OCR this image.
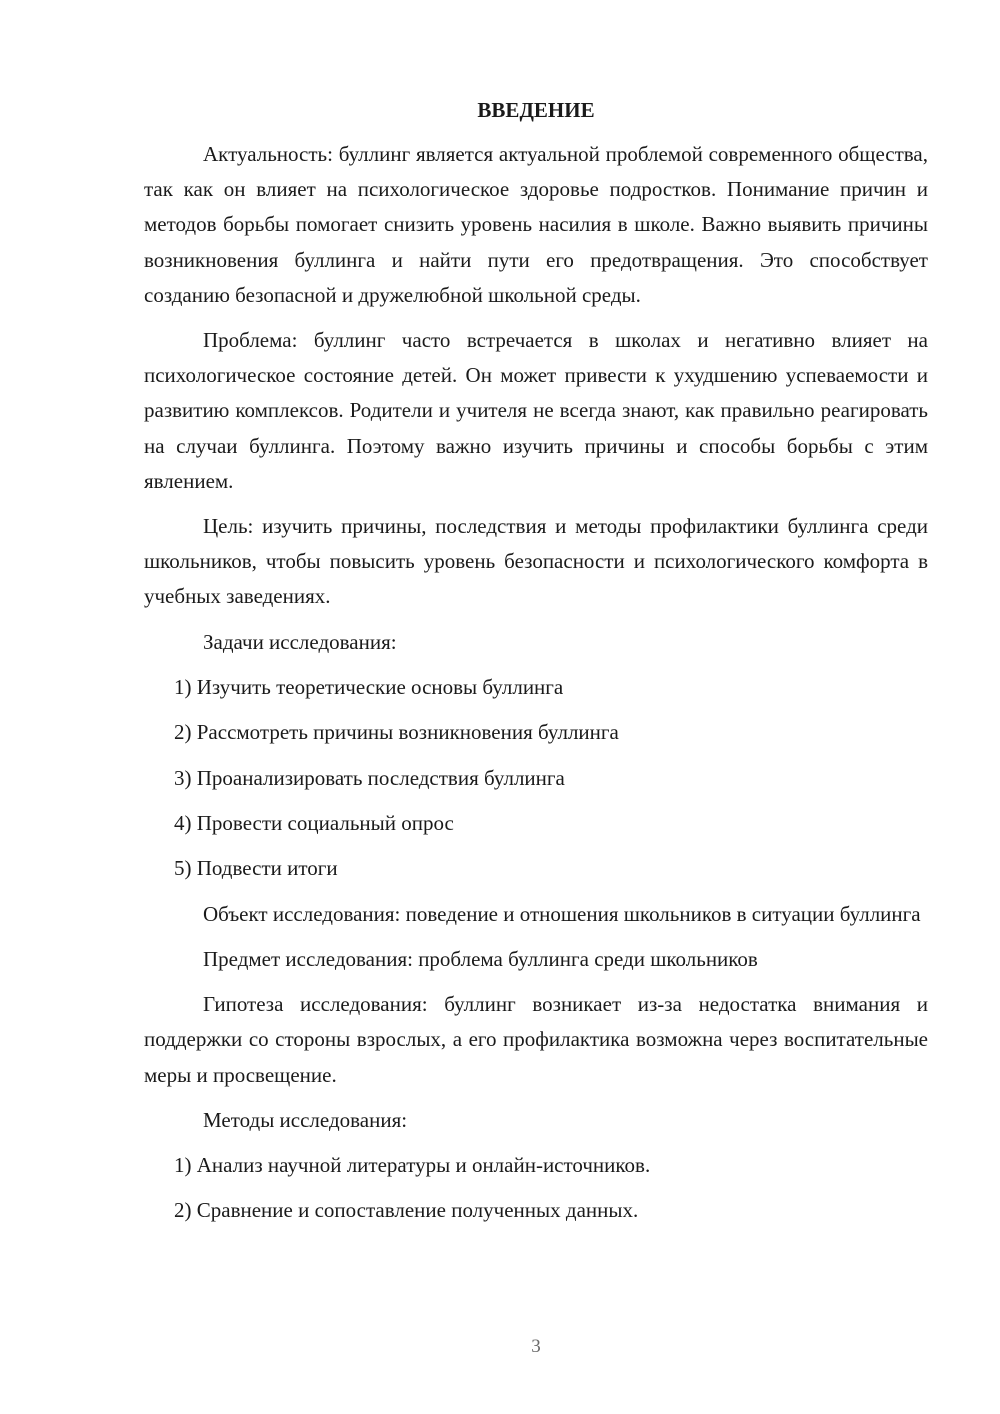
ВВЕДЕНИЕ

Актуальность: буллинг является актуальной проблемой современного общества, так как он влияет на психологическое здоровье подростков. Понимание причин и методов борьбы помогает снизить уровень насилия в школе. Важно выявить причины возникновения буллинга и найти пути его предотвращения. Это способствует созданию безопасной и дружелюбной школьной среды.

Проблема: буллинг часто встречается в школах и негативно влияет на психологическое состояние детей. Он может привести к ухудшению успеваемости и развитию комплексов. Родители и учителя не всегда знают, как правильно реагировать на случаи буллинга. Поэтому важно изучить причины и способы борьбы с этим явлением.

Цель: изучить причины, последствия и методы профилактики буллинга среди школьников, чтобы повысить уровень безопасности и психологического комфорта в учебных заведениях.

Задачи исследования:

1) Изучить теоретические основы буллинга

2) Рассмотреть причины возникновения буллинга

3) Проанализировать последствия буллинга

4) Провести социальный опрос

5) Подвести итоги

Объект исследования: поведение и отношения школьников в ситуации буллинга

Предмет исследования: проблема буллинга среди школьников

Гипотеза исследования: буллинг возникает из-за недостатка внимания и поддержки со стороны взрослых, а его профилактика возможна через воспитательные меры и просвещение.

Методы исследования:

1) Анализ научной литературы и онлайн-источников.

2) Сравнение и сопоставление полученных данных.

3
